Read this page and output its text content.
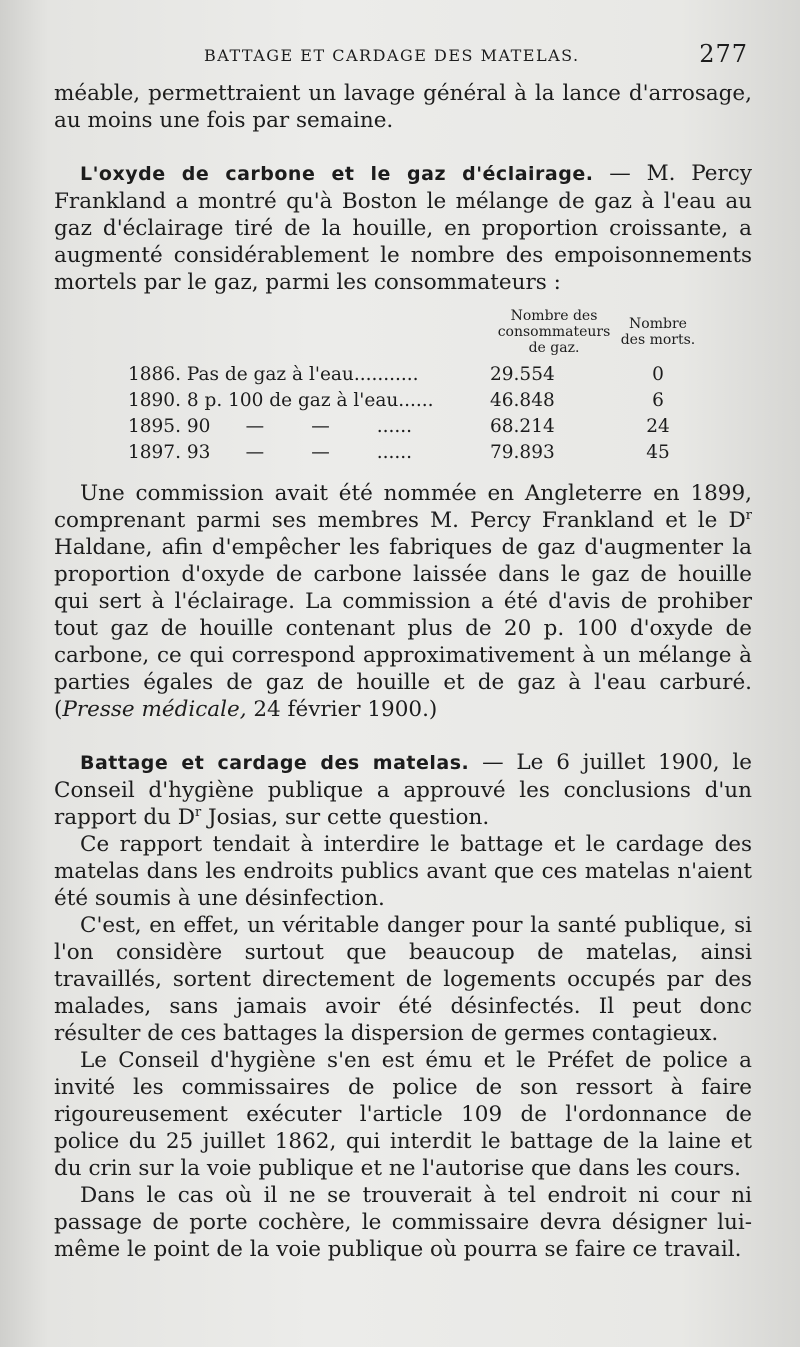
BATTAGE ET CARDAGE DES MATELAS.	277

méable, permettraient un lavage général à la lance d'arrosage, au moins une fois par semaine.

L'oxyde de carbone et le gaz d'éclairage. — M. Percy Frankland a montré qu'à Boston le mélange de gaz à l'eau au gaz d'éclairage tiré de la houille, en proportion croissante, a augmenté considérablement le nombre des empoisonnements mortels par le gaz, parmi les consommateurs :

	Nombre des consommateurs de gaz.	Nombre des morts.
1886. Pas de gaz à l'eau...........	29.554	0
1890. 8 p. 100 de gaz à l'eau......	46.848	6
1895. 90      —        —        ......	68.214	24
1897. 93      —        —        ......	79.893	45

Une commission avait été nommée en Angleterre en 1899, comprenant parmi ses membres M. Percy Frankland et le $D^r$ Haldane, afin d'empêcher les fabriques de gaz d'augmenter la proportion d'oxyde de carbone laissée dans le gaz de houille qui sert à l'éclairage. La commission a été d'avis de prohiber tout gaz de houille contenant plus de 20 p. 100 d'oxyde de carbone, ce qui correspond approximativement à un mélange à parties égales de gaz de houille et de gaz à l'eau carburé. (Presse médicale, 24 février 1900.)

Battage et cardage des matelas. — Le 6 juillet 1900, le Conseil d'hygiène publique a approuvé les conclusions d'un rapport du $D^r$ Josias, sur cette question.

Ce rapport tendait à interdire le battage et le cardage des matelas dans les endroits publics avant que ces matelas n'aient été soumis à une désinfection.

C'est, en effet, un véritable danger pour la santé publique, si l'on considère surtout que beaucoup de matelas, ainsi travaillés, sortent directement de logements occupés par des malades, sans jamais avoir été désinfectés. Il peut donc résulter de ces battages la dispersion de germes contagieux.

Le Conseil d'hygiène s'en est ému et le Préfet de police a invité les commissaires de police de son ressort à faire rigoureusement exécuter l'article 109 de l'ordonnance de police du 25 juillet 1862, qui interdit le battage de la laine et du crin sur la voie publique et ne l'autorise que dans les cours.

Dans le cas où il ne se trouverait à tel endroit ni cour ni passage de porte cochère, le commissaire devra désigner lui-même le point de la voie publique où pourra se faire ce travail.
